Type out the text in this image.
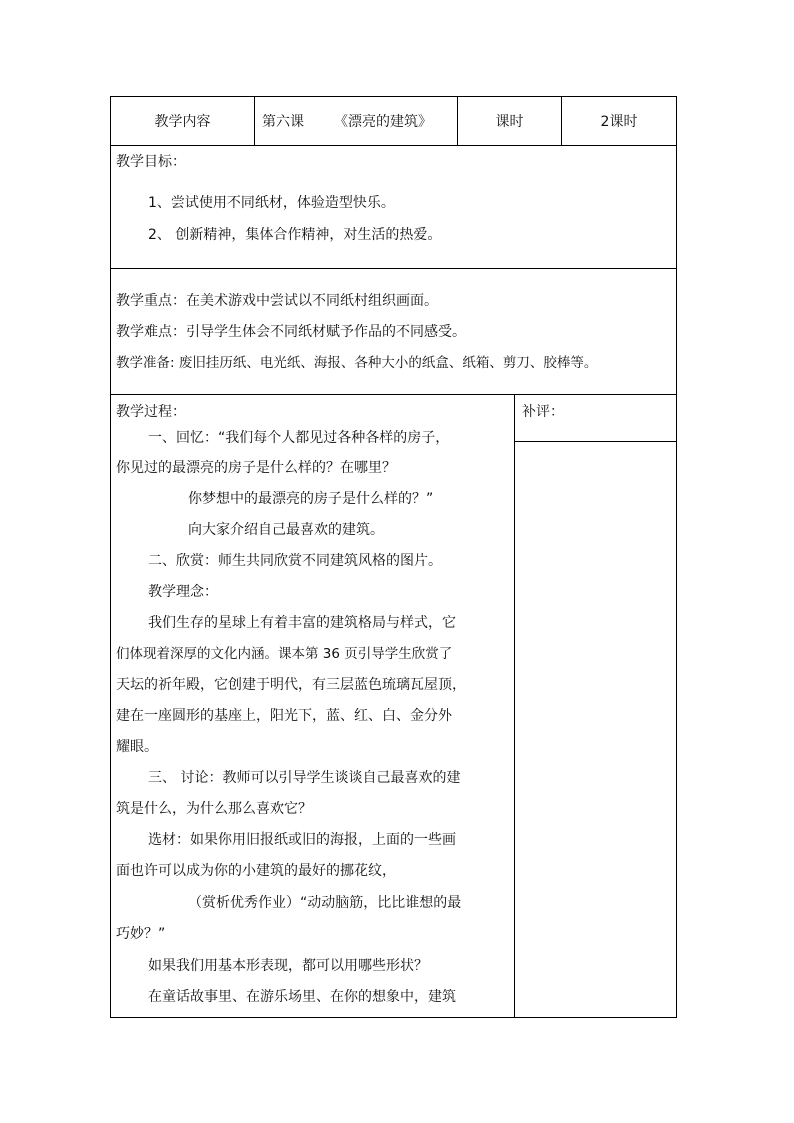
教学内容	第六课 《漂亮的建筑》	课时	2课时
教学目标：
1、尝试使用不同纸材，体验造型快乐。
2、 创新精神，集体合作精神，对生活的热爱。
教学重点：在美术游戏中尝试以不同纸村组织画面。
教学难点：引导学生体会不同纸材赋予作品的不同感受。
教学准备: 废旧挂历纸、电光纸、海报、各种大小的纸盒、纸箱、剪刀、胶棒等。
教学过程：
一、回忆：“我们每个人都见过各种各样的房子，
你见过的最漂亮的房子是什么样的？在哪里？
你梦想中的最漂亮的房子是什么样的？”
向大家介绍自己最喜欢的建筑。
二、欣赏：师生共同欣赏不同建筑风格的图片。
教学理念：
我们生存的星球上有着丰富的建筑格局与样式，它
们体现着深厚的文化内涵。课本第 36 页引导学生欣赏了
天坛的祈年殿，它创建于明代，有三层蓝色琉璃瓦屋顶，
建在一座圆形的基座上，阳光下，蓝、红、白、金分外
耀眼。
三、 讨论：教师可以引导学生谈谈自己最喜欢的建
筑是什么，为什么那么喜欢它？
选材：如果你用旧报纸或旧的海报，上面的一些画
面也许可以成为你的小建筑的最好的挪花纹，
（赏析优秀作业）“动动脑筋，比比谁想的最
巧妙？”
如果我们用基本形表现，都可以用哪些形状？
在童话故事里、在游乐场里、在你的想象中，建筑
补评：
